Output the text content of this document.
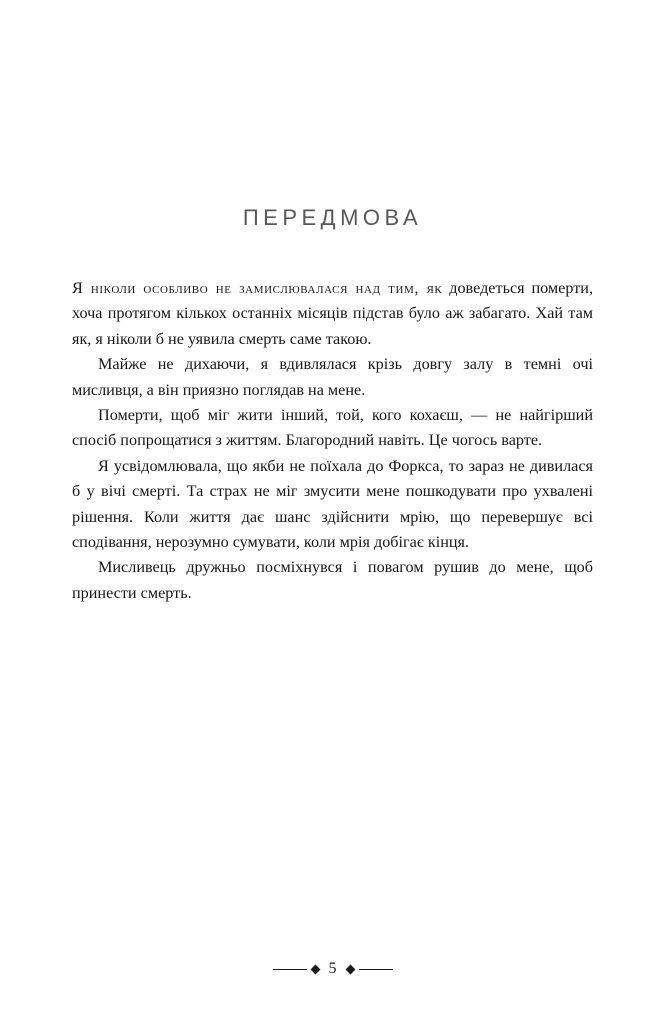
ПЕРЕДМОВА

Я ніколи особливо не замислювалася над тим, як доведеться померти, хоча протягом кількох останніх місяців підстав було аж забагато. Хай там як, я ніколи б не уявила смерть саме такою.

Майже не дихаючи, я вдивлялася крізь довгу залу в темні очі мисливця, а він приязно поглядав на мене.

Померти, щоб міг жити інший, той, кого кохаєш, — не найгірший спосіб попрощатися з життям. Благородний навіть. Це чогось варте.

Я усвідомлювала, що якби не поїхала до Форкса, то зараз не дивилася б у вічі смерті. Та страх не міг змусити мене пошкодувати про ухвалені рішення. Коли життя дає шанс здійснити мрію, що перевершує всі сподівання, нерозумно сумувати, коли мрія добігає кінця.

Мисливець дружньо посміхнувся і повагом рушив до мене, щоб принести смерть.

5
